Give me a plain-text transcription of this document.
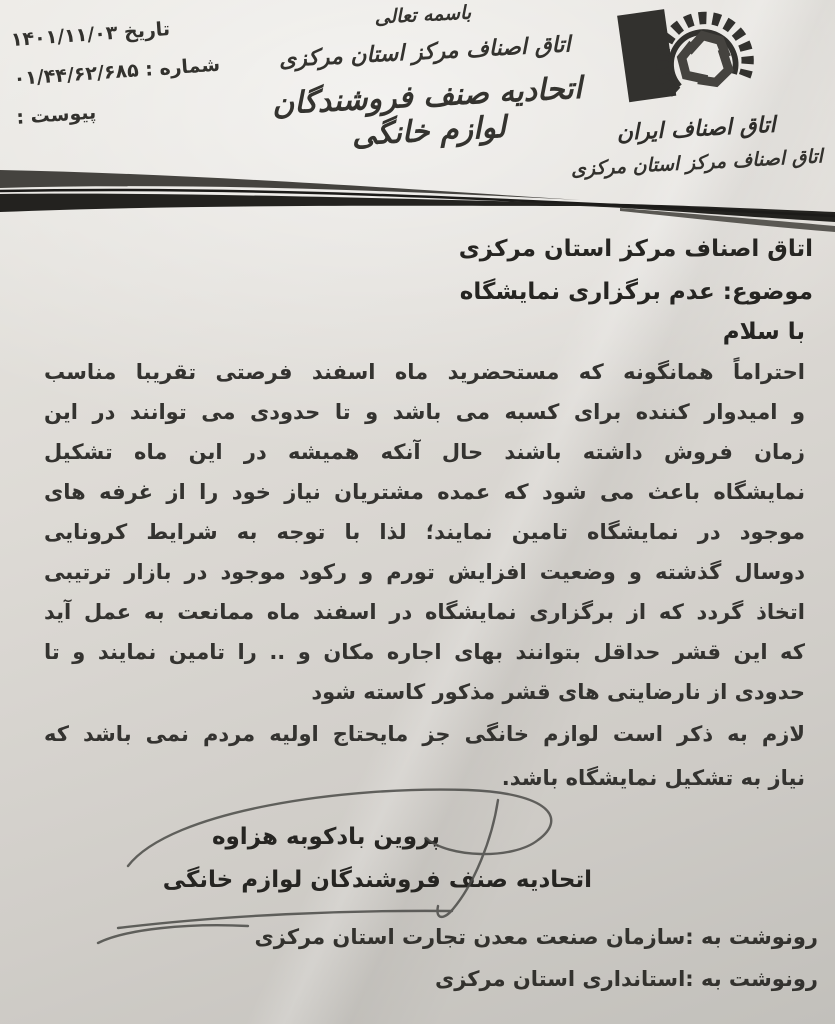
تاریخ ۱۴۰۱/۱۱/۰۳
شماره : ۰۱/۴۴/۶۲/۶۸۵
پیوست :
باسمه تعالی
اتاق اصناف مرکز استان مرکزی
اتحادیه صنف فروشندگان لوازم خانگی	اتاق اصناف ایران
اتاق اصناف مرکز استان مرکزی
اتاق اصناف مرکز استان مرکزی
موضوع: عدم برگزاری نمایشگاه
با سلام
احتراماً همانگونه که مستحضرید ماه اسفند فرصتی تقریبا مناسب
و امیدوار کننده برای کسبه می باشد و تا حدودی می توانند در این
زمان فروش داشته باشند حال آنکه همیشه در این ماه تشکیل
نمایشگاه باعث می شود که عمده مشتریان نیاز خود را از غرفه های
موجود در نمایشگاه تامین نمایند؛ لذا با توجه به شرایط کرونایی
دوسال گذشته و وضعیت افزایش تورم و رکود موجود در بازار ترتیبی
اتخاذ گردد که از برگزاری نمایشگاه در اسفند ماه ممانعت به عمل آید
که این قشر حداقل بتوانند بهای اجاره مکان و .. را تامین نمایند و تا
حدودی از نارضایتی های قشر مذکور کاسته شود
لازم به ذکر است لوازم خانگی جز مایحتاج اولیه مردم نمی باشد که
نیاز به تشکیل نمایشگاه باشد.
پروین بادکوبه هزاوه
اتحادیه صنف فروشندگان لوازم خانگی
رونوشت به :سازمان صنعت معدن تجارت استان مرکزی
رونوشت به :استانداری استان مرکزی
